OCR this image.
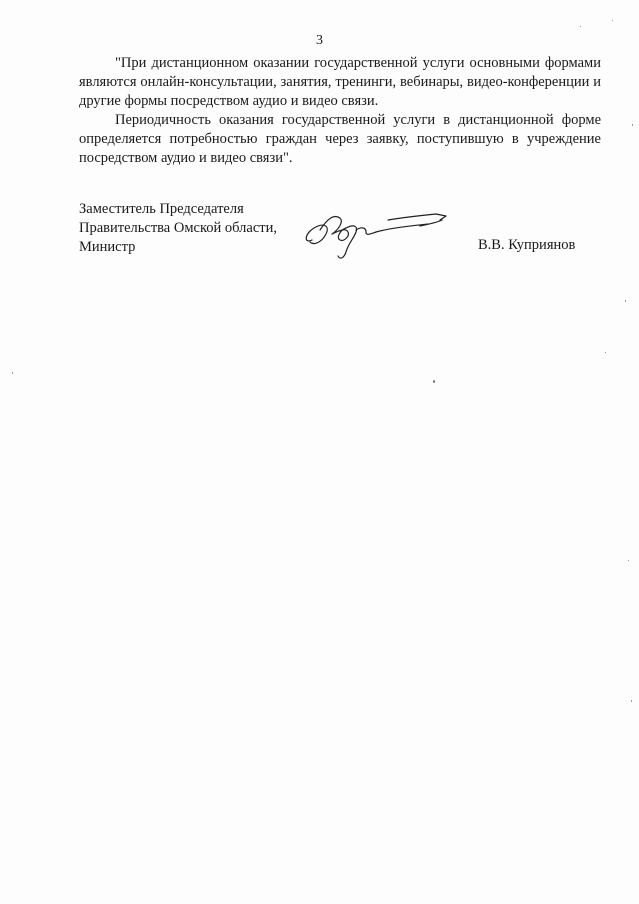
3

"При дистанционном оказании государственной услуги основными формами являются онлайн-консультации, занятия, тренинги, вебинары, видео-конференции и другие формы посредством аудио и видео связи.

Периодичность оказания государственной услуги в дистанционной форме определяется потребностью граждан через заявку, поступившую в учреждение посредством аудио и видео связи".

Заместитель Председателя
Правительства Омской области,
Министр	В.В. Куприянов
